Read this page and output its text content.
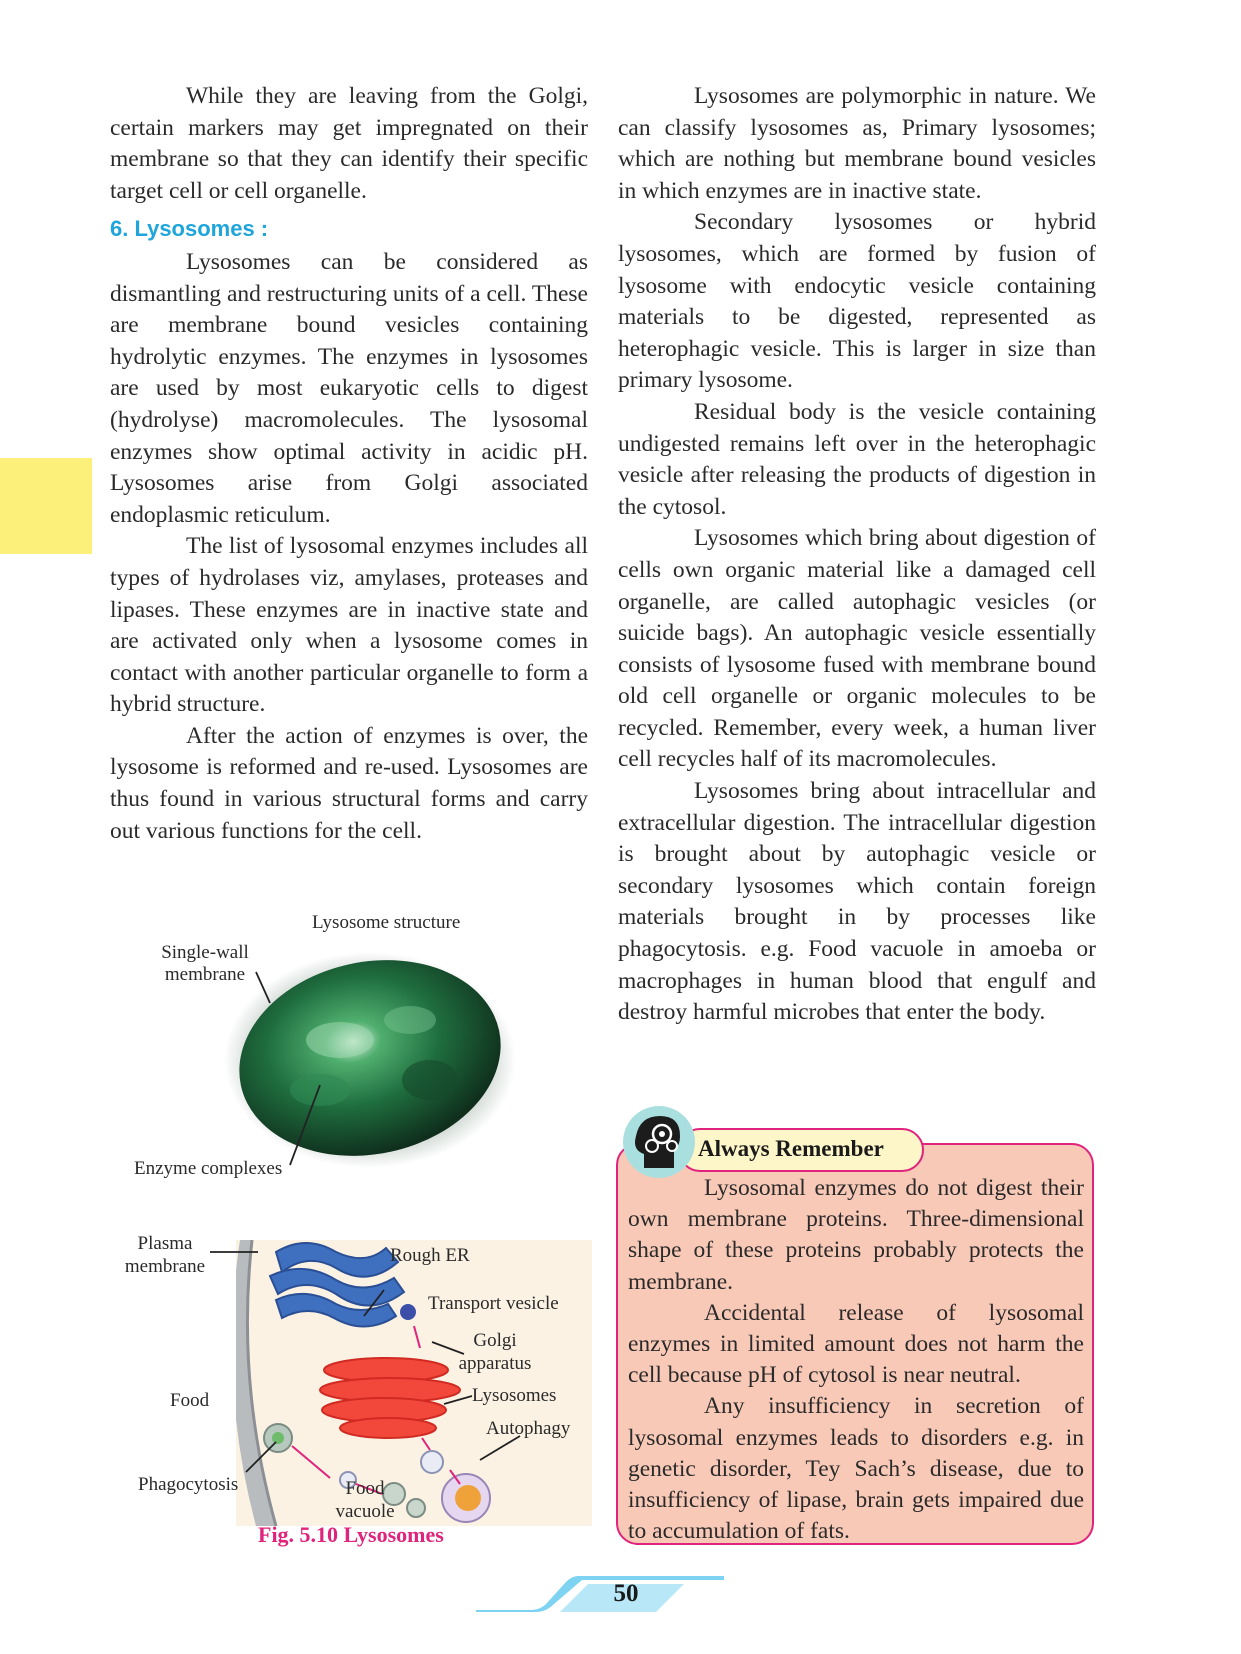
While they are leaving from the Golgi, certain markers may get impregnated on their membrane so that they can identify their specific target cell or cell organelle.

6. Lysosomes :

Lysosomes can be considered as dismantling and restructuring units of a cell. These are membrane bound vesicles containing hydrolytic enzymes. The enzymes in lysosomes are used by most eukaryotic cells to digest (hydrolyse) macromolecules. The lysosomal enzymes show optimal activity in acidic pH. Lysosomes arise from Golgi associated endoplasmic reticulum.

The list of lysosomal enzymes includes all types of hydrolases viz, amylases, proteases and lipases. These enzymes are in inactive state and are activated only when a lysosome comes in contact with another particular organelle to form a hybrid structure.

After the action of enzymes is over, the lysosome is reformed and re-used. Lysosomes are thus found in various structural forms and carry out various functions for the cell.

Lysosomes are polymorphic in nature. We can classify lysosomes as, Primary lysosomes; which are nothing but membrane bound vesicles in which enzymes are in inactive state.

Secondary lysosomes or hybrid lysosomes, which are formed by fusion of lysosome with endocytic vesicle containing materials to be digested, represented as heterophagic vesicle. This is larger in size than primary lysosome.

Residual body is the vesicle containing undigested remains left over in the heterophagic vesicle after releasing the products of digestion in the cytosol.

Lysosomes which bring about digestion of cells own organic material like a damaged cell organelle, are called autophagic vesicles (or suicide bags). An autophagic vesicle essentially consists of lysosome fused with membrane bound old cell organelle or organic molecules to be recycled. Remember, every week, a human liver cell recycles half of its macromolecules.

Lysosomes bring about intracellular and extracellular digestion. The intracellular digestion is brought about by autophagic vesicle or secondary lysosomes which contain foreign materials brought in by processes like phagocytosis. e.g. Food vacuole in amoeba or macrophages in human blood that engulf and destroy harmful microbes that enter the body.

Lysosome structure
Single-wall
membrane
Enzyme complexes
Plasma
membrane
Rough ER
Transport vesicle
Golgi
apparatus
Lysosomes
Autophagy
Food
Phagocytosis	Food
vacuole
Fig. 5.10 Lysosomes

Lysosomal enzymes do not digest their own membrane proteins. Three-dimensional shape of these proteins probably protects the membrane.

Accidental release of lysosomal enzymes in limited amount does not harm the cell because pH of cytosol is near neutral.

Any insufficiency in secretion of lysosomal enzymes leads to disorders e.g. in genetic disorder, Tey Sach’s disease, due to insufficiency of lipase, brain gets impaired due to accumulation of fats.

Always Remember
50
